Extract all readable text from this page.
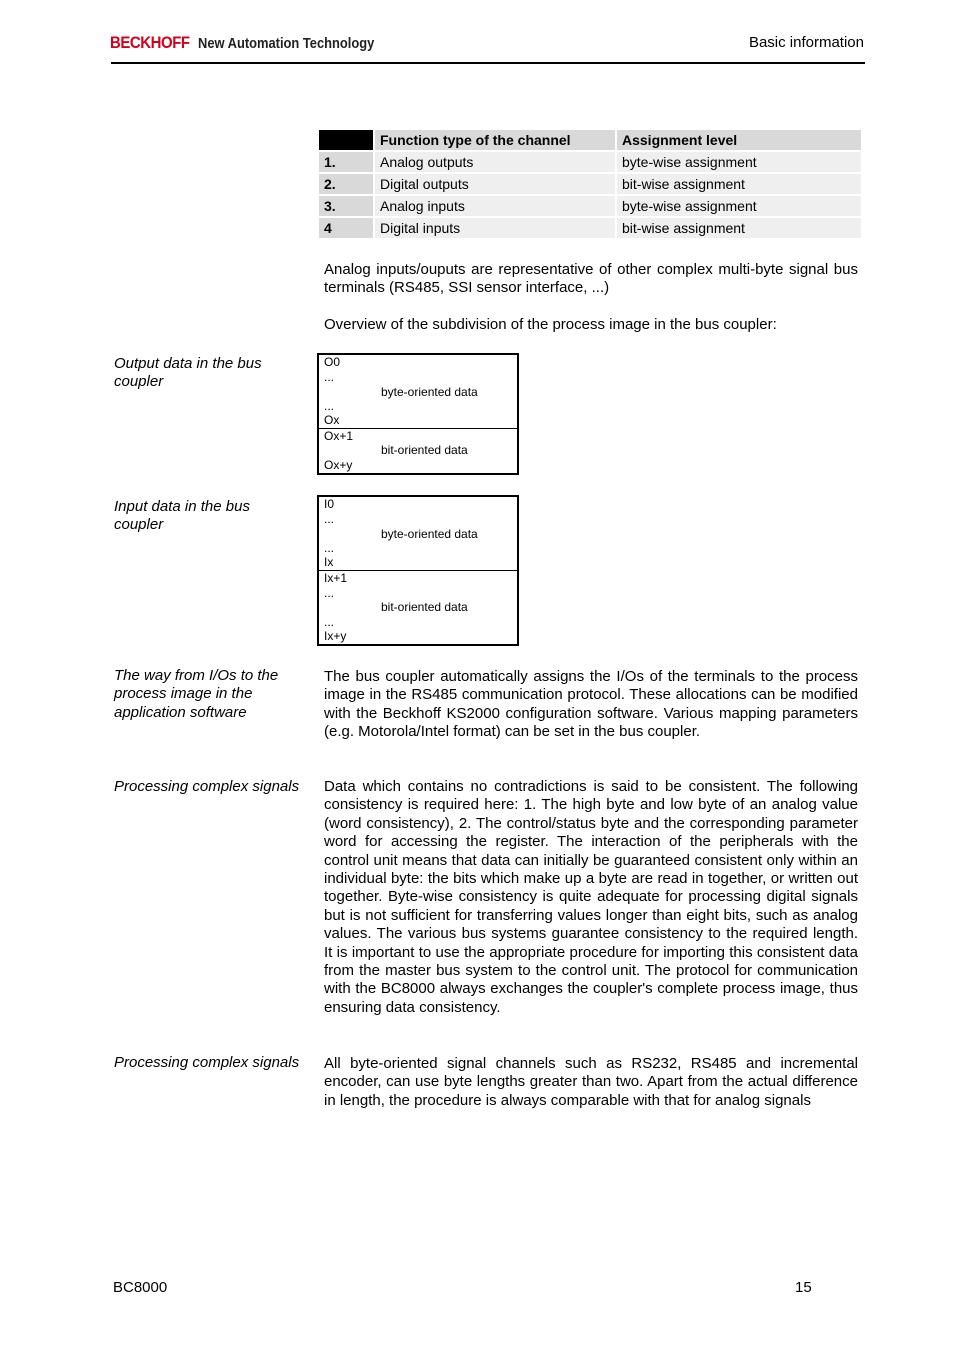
BECKHOFF New Automation Technology	Basic information
	Function type of the channel	Assignment level
1.	Analog outputs	byte-wise assignment
2.	Digital outputs	bit-wise assignment
3.	Analog inputs	byte-wise assignment
4	Digital inputs	bit-wise assignment
Analog inputs/ouputs are representative of other complex multi-byte signal bus terminals (RS485, SSI sensor interface, ...)
Overview of the subdivision of the process image in the bus coupler:
Output data in the bus coupler
O0
...
...
Ox
byte-oriented data
Ox+1
Ox+y
bit-oriented data
Input data in the bus coupler
I0
...
...
Ix
byte-oriented data
Ix+1
...
...
Ix+y
bit-oriented data
The way from I/Os to the process image in the application software
The bus coupler automatically assigns the I/Os of the terminals to the process image in the RS485 communication protocol. These allocations can be modified with the Beckhoff KS2000 configuration software. Various mapping parameters (e.g. Motorola/Intel format) can be set in the bus coupler.
Processing complex signals	Data which contains no contradictions is said to be consistent. The following consistency is required here: 1. The high byte and low byte of an analog value (word consistency), 2. The control/status byte and the corresponding parameter word for accessing the register. The interaction of the peripherals with the control unit means that data can initially be guaranteed consistent only within an individual byte: the bits which make up a byte are read in together, or written out together. Byte-wise consistency is quite adequate for processing digital signals but is not sufficient for transferring values longer than eight bits, such as analog values. The various bus systems guarantee consistency to the required length. It is important to use the appropriate procedure for importing this consistent data from the master bus system to the control unit. The protocol for communication with the BC8000 always exchanges the coupler's complete process image, thus ensuring data consistency.
Processing complex signals	All byte-oriented signal channels such as RS232, RS485 and incremental encoder, can use byte lengths greater than two. Apart from the actual difference in length, the procedure is always comparable with that for analog signals
BC8000	15
